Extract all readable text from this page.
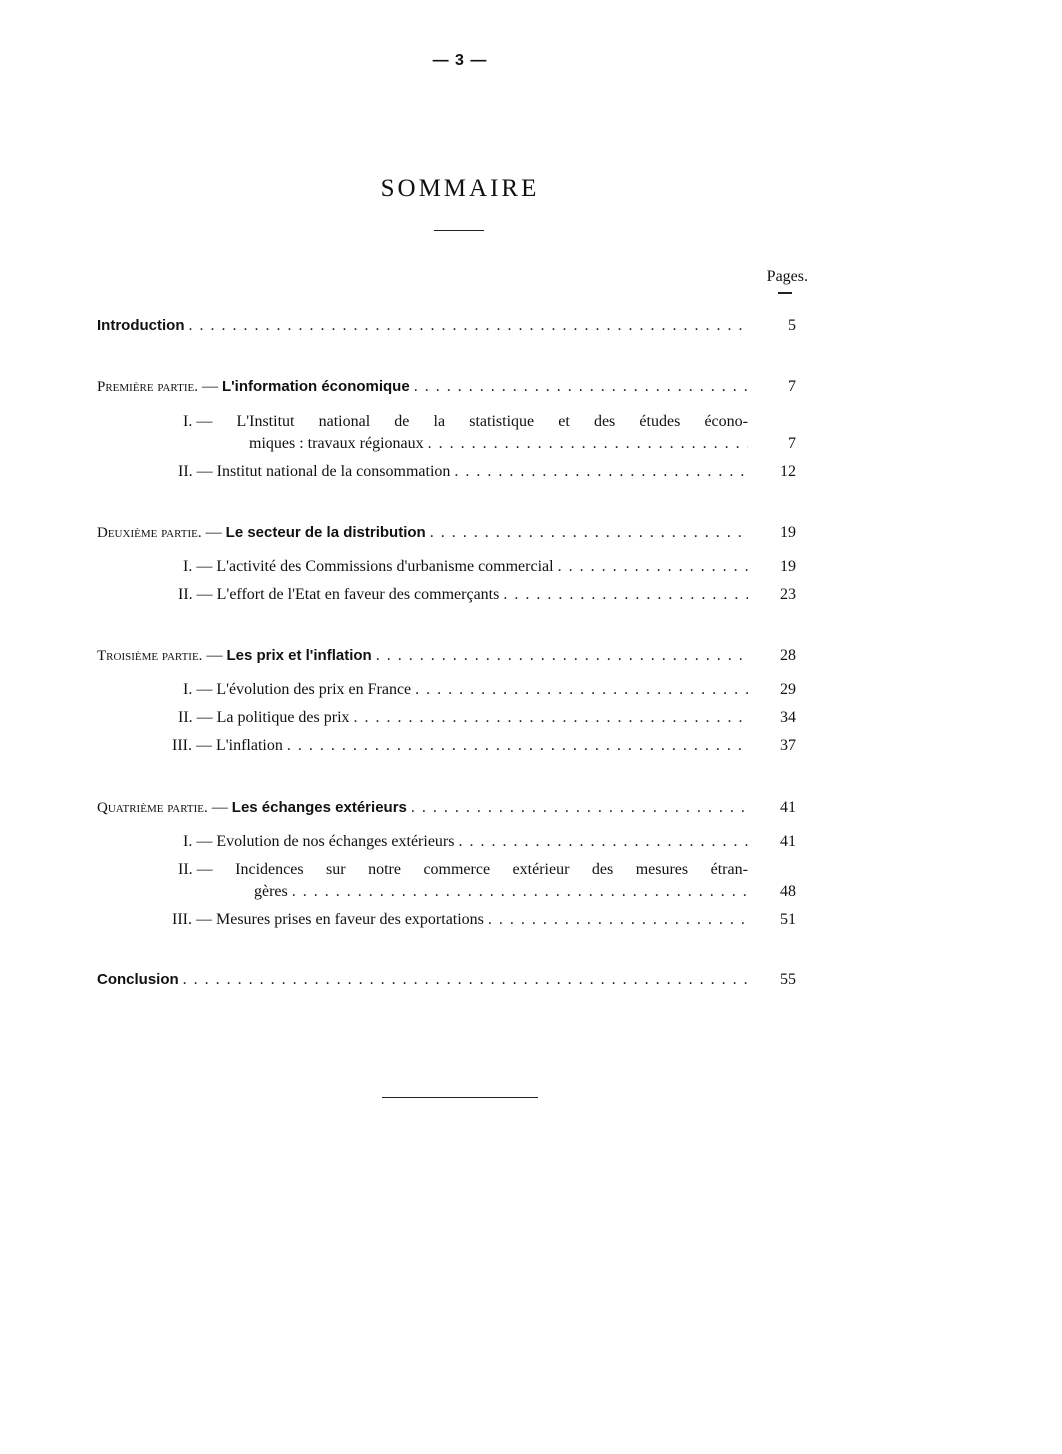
— 3 —
SOMMAIRE
Pages.
Introduction . . .	5
Première partie. — L'information économique . . .	7
I. — L'Institut national de la statistique et des études écono-
miques : travaux régionaux . . .	7
II. — Institut national de la consommation . . .	12
Deuxième partie. — Le secteur de la distribution . . .	19
I. — L'activité des Commissions d'urbanisme commercial . . .	19
II. — L'effort de l'Etat en faveur des commerçants . . .	23
Troisième partie. — Les prix et l'inflation . . .	28
I. — L'évolution des prix en France . . .	29
II. — La politique des prix . . .	34
III. — L'inflation . . .	37
Quatrième partie. — Les échanges extérieurs . . .	41
I. — Evolution de nos échanges extérieurs . . .	41
II. — Incidences sur notre commerce extérieur des mesures étran-
gères . . .	48
III. — Mesures prises en faveur des exportations . . .	51
Conclusion . . .	55
